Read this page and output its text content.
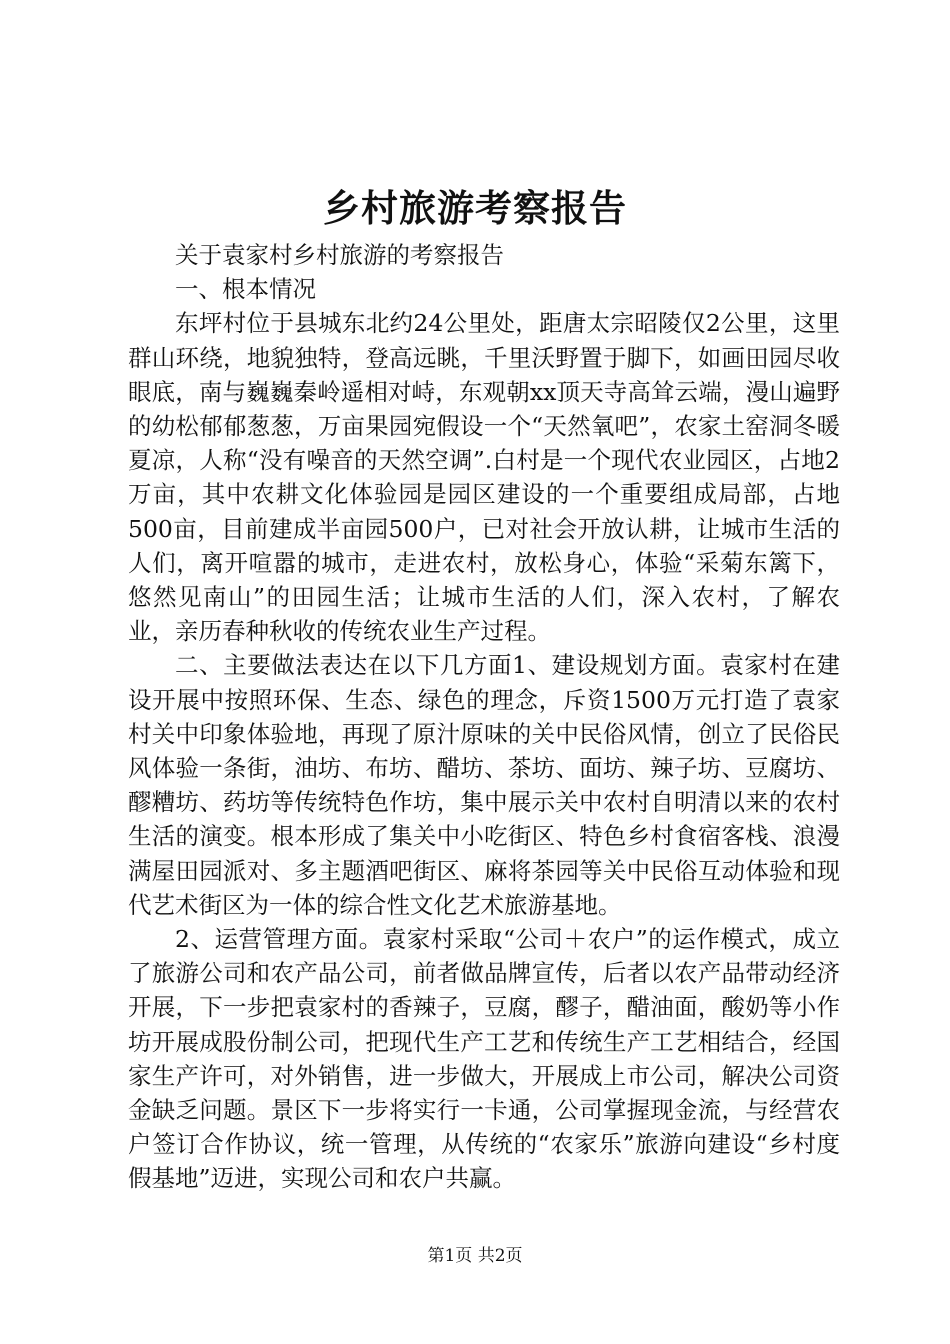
乡村旅游考察报告

关于袁家村乡村旅游的考察报告

一、根本情况

东坪村位于县城东北约24公里处，距唐太宗昭陵仅2公里，这里群山环绕，地貌独特，登高远眺，千里沃野置于脚下，如画田园尽收眼底，南与巍巍秦岭遥相对峙，东观朝xx顶天寺高耸云端，漫山遍野的幼松郁郁葱葱，万亩果园宛假设一个“天然氧吧”，农家土窑洞冬暖夏凉，人称“没有噪音的天然空调”.白村是一个现代农业园区，占地2万亩，其中农耕文化体验园是园区建设的一个重要组成局部，占地500亩，目前建成半亩园500户，已对社会开放认耕，让城市生活的人们，离开喧嚣的城市，走进农村，放松身心，体验“采菊东篱下，悠然见南山”的田园生活；让城市生活的人们，深入农村，了解农业，亲历春种秋收的传统农业生产过程。

二、主要做法表达在以下几方面1、建设规划方面。袁家村在建设开展中按照环保、生态、绿色的理念，斥资1500万元打造了袁家村关中印象体验地，再现了原汁原味的关中民俗风情，创立了民俗民风体验一条街，油坊、布坊、醋坊、茶坊、面坊、辣子坊、豆腐坊、醪糟坊、药坊等传统特色作坊，集中展示关中农村自明清以来的农村生活的演变。根本形成了集关中小吃街区、特色乡村食宿客栈、浪漫满屋田园派对、多主题酒吧街区、麻将茶园等关中民俗互动体验和现代艺术街区为一体的综合性文化艺术旅游基地。

2、运营管理方面。袁家村采取“公司＋农户”的运作模式，成立了旅游公司和农产品公司，前者做品牌宣传，后者以农产品带动经济开展，下一步把袁家村的香辣子，豆腐，醪子，醋油面，酸奶等小作坊开展成股份制公司，把现代生产工艺和传统生产工艺相结合，经国家生产许可，对外销售，进一步做大，开展成上市公司，解决公司资金缺乏问题。景区下一步将实行一卡通，公司掌握现金流，与经营农户签订合作协议，统一管理，从传统的“农家乐”旅游向建设“乡村度假基地”迈进，实现公司和农户共赢。

第1页 共2页
